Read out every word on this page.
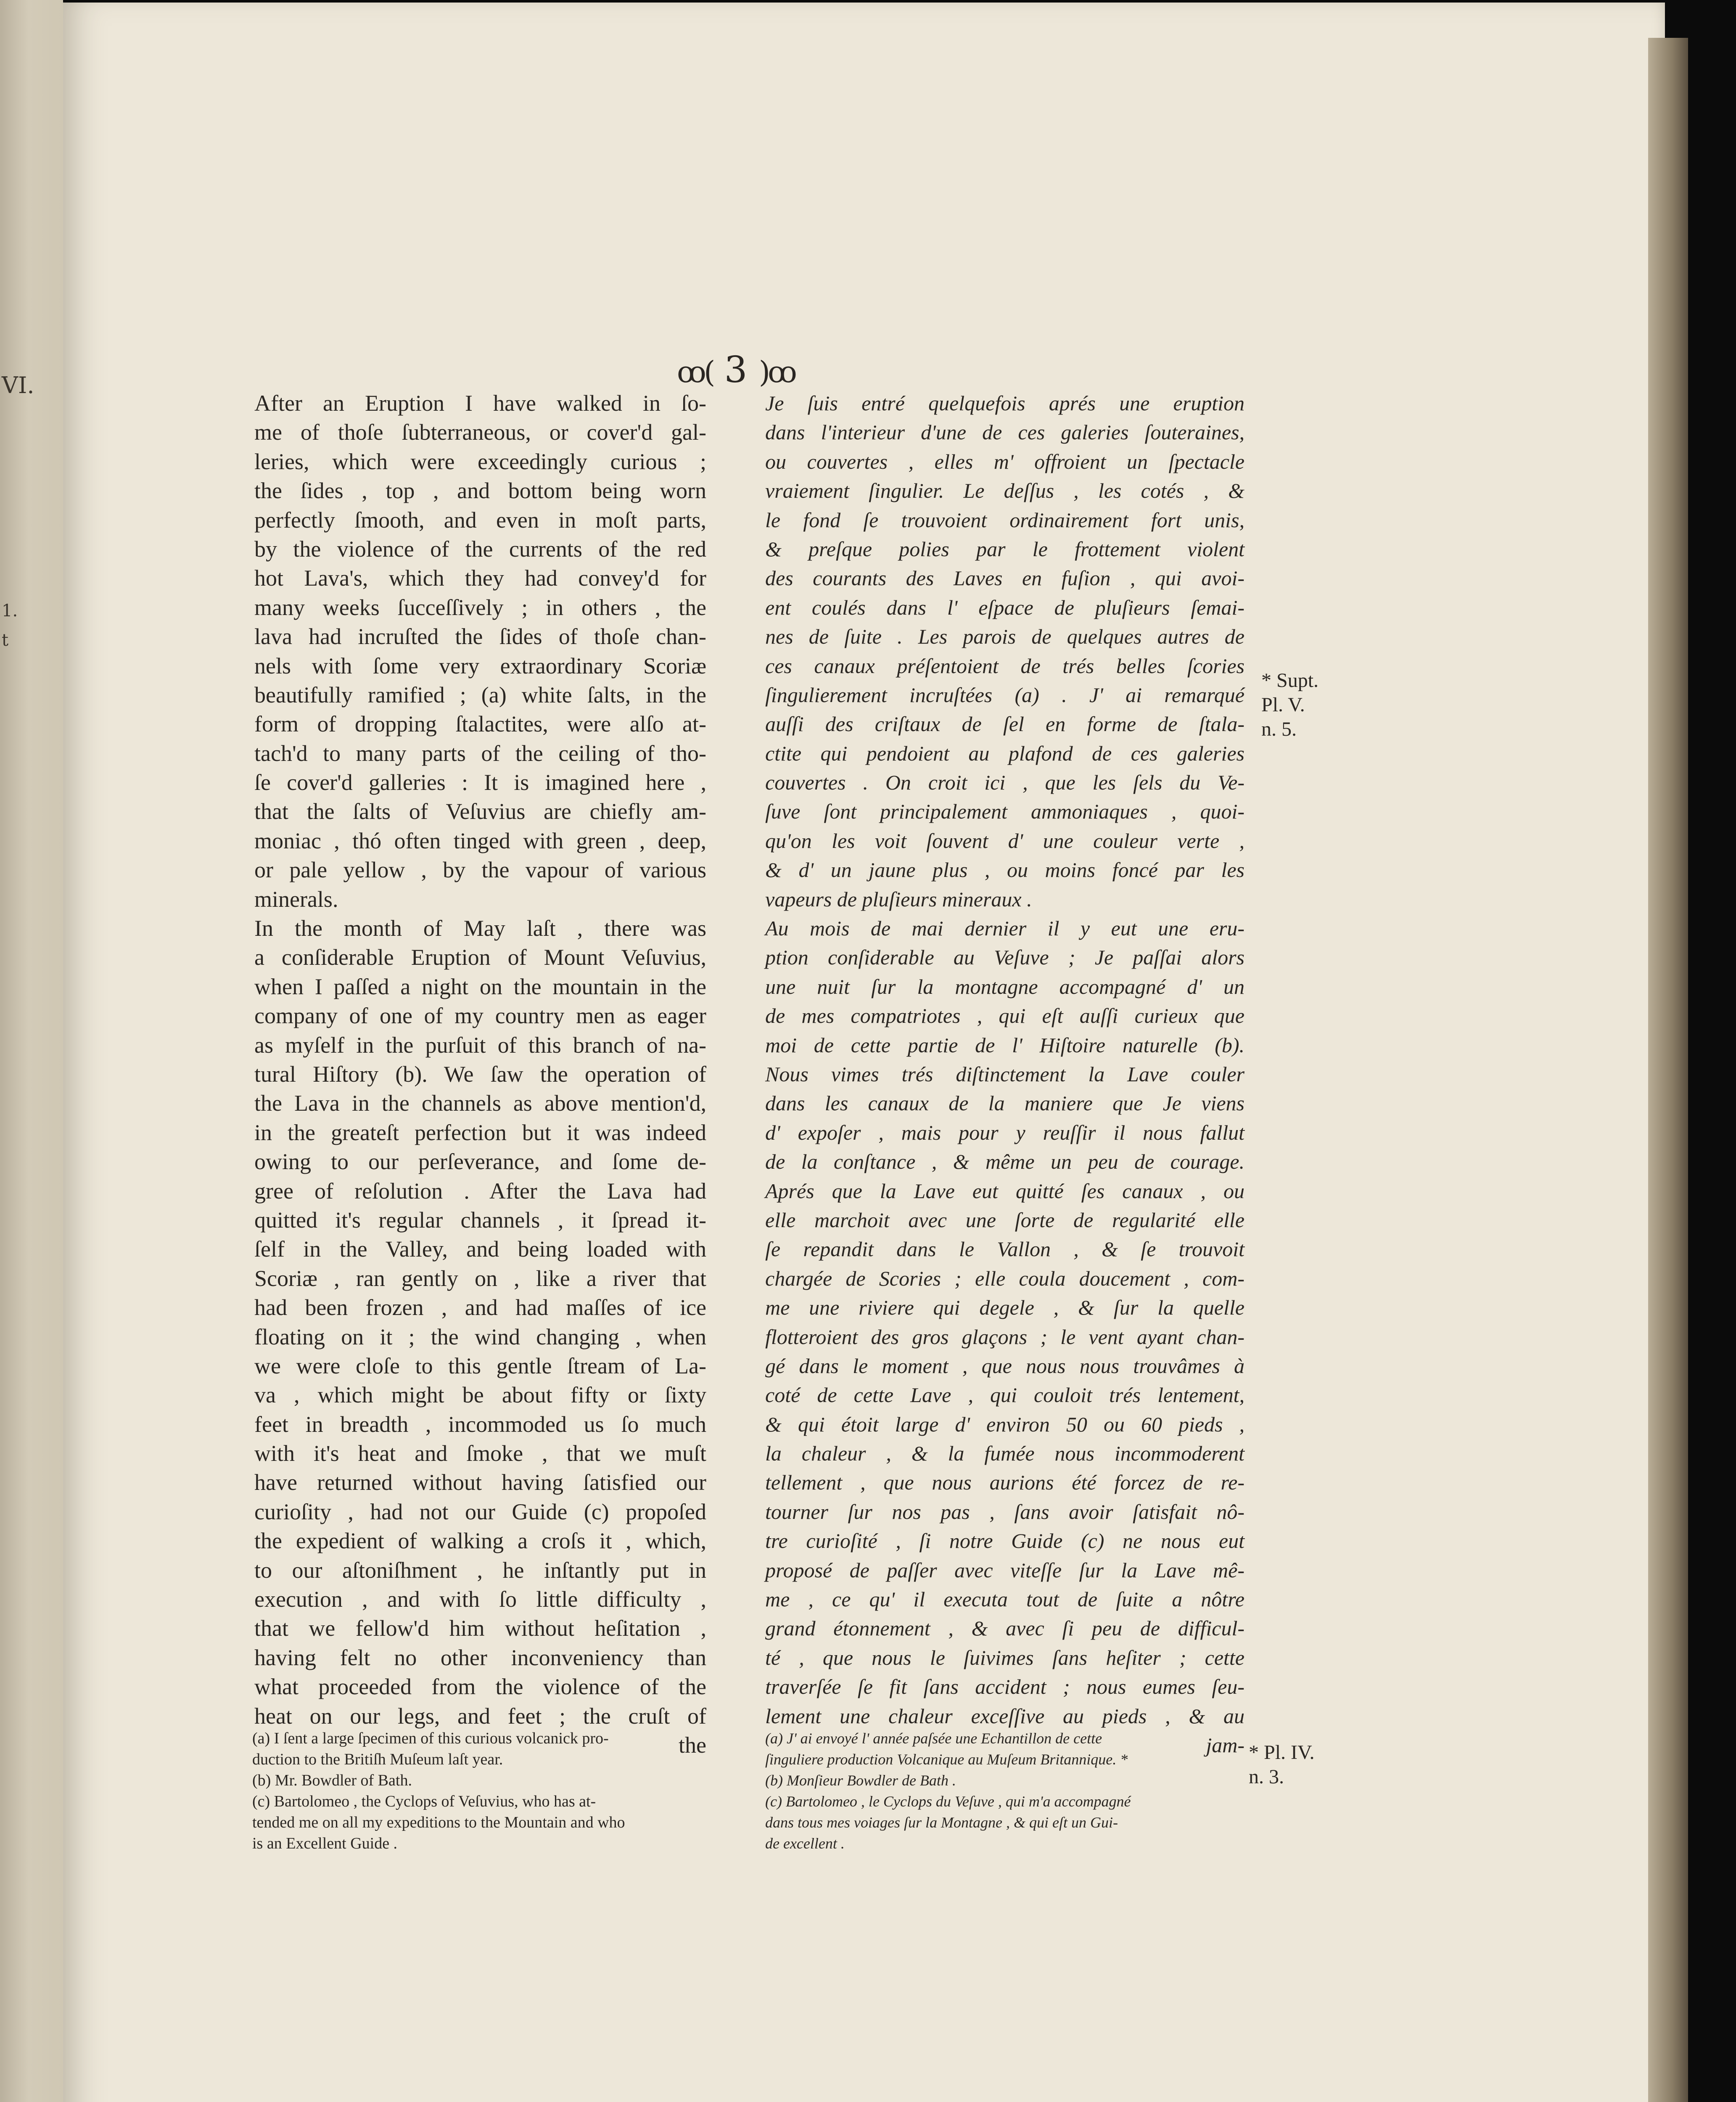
VI.
1.
t
ꝏ( 3 )ꝏ
After an Eruption I have walked in ſo-
me of thoſe ſubterraneous, or cover'd gal-
leries, which were exceedingly curious ;
the ſides , top , and bottom being worn
perfectly ſmooth, and even in moſt parts,
by the violence of the currents of the red
hot Lava's, which they had convey'd for
many weeks ſucceſſively ; in others , the
lava had incruſted the ſides of thoſe chan-
nels with ſome very extraordinary Scoriæ
beautifully ramified ; (a) white ſalts, in the
form of dropping ſtalactites, were alſo at-
tach'd to many parts of the ceiling of tho-
ſe cover'd galleries : It is imagined here ,
that the ſalts of Veſuvius are chiefly am-
moniac , thó often tinged with green , deep,
or pale yellow , by the vapour of various
minerals.
In the month of May laſt , there was
a conſiderable Eruption of Mount Veſuvius,
when I paſſed a night on the mountain in the
company of one of my country men as eager
as myſelf in the purſuit of this branch of na-
tural Hiſtory (b). We ſaw the operation of
the Lava in the channels as above mention'd,
in the greateſt perfection but it was indeed
owing to our perſeverance, and ſome de-
gree of reſolution . After the Lava had
quitted it's regular channels , it ſpread it-
ſelf in the Valley, and being loaded with
Scoriæ , ran gently on , like a river that
had been frozen , and had maſſes of ice
floating on it ; the wind changing , when
we were cloſe to this gentle ſtream of La-
va , which might be about fifty or ſixty
feet in breadth , incommoded us ſo much
with it's heat and ſmoke , that we muſt
have returned without having ſatisfied our
curioſity , had not our Guide (c) propoſed
the expedient of walking a croſs it , which,
to our aſtoniſhment , he inſtantly put in
execution , and with ſo little difficulty ,
that we fellow'd him without heſitation ,
having felt no other inconveniency than
what proceeded from the violence of the
heat on our legs, and feet ; the cruſt of
the
Je ſuis entré quelquefois aprés une eruption
dans l'interieur d'une de ces galeries ſouteraines,
ou couvertes , elles m' offroient un ſpectacle
vraiement ſingulier. Le deſſus , les cotés , &
le fond ſe trouvoient ordinairement fort unis,
& preſque polies par le frottement violent
des courants des Laves en fuſion , qui avoi-
ent coulés dans l' eſpace de pluſieurs ſemai-
nes de ſuite . Les parois de quelques autres de
ces canaux préſentoient de trés belles ſcories
ſingulierement incruſtées (a) . J' ai remarqué
auſſi des criſtaux de ſel en forme de ſtala-
ctite qui pendoient au plafond de ces galeries
couvertes . On croit ici , que les ſels du Ve-
ſuve ſont principalement ammoniaques , quoi-
qu'on les voit ſouvent d' une couleur verte ,
& d' un jaune plus , ou moins foncé par les
vapeurs de pluſieurs mineraux .
Au mois de mai dernier il y eut une eru-
ption conſiderable au Veſuve ; Je paſſai alors
une nuit ſur la montagne accompagné d' un
de mes compatriotes , qui eſt auſſi curieux que
moi de cette partie de l' Hiſtoire naturelle (b).
Nous vimes trés diſtinctement la Lave couler
dans les canaux de la maniere que Je viens
d' expoſer , mais pour y reuſſir il nous fallut
de la conſtance , & même un peu de courage.
Aprés que la Lave eut quitté ſes canaux , ou
elle marchoit avec une ſorte de regularité elle
ſe repandit dans le Vallon , & ſe trouvoit
chargée de Scories ; elle coula doucement , com-
me une riviere qui degele , & ſur la quelle
flotteroient des gros glaçons ; le vent ayant chan-
gé dans le moment , que nous nous trouvâmes à
coté de cette Lave , qui couloit trés lentement,
& qui étoit large d' environ 50 ou 60 pieds ,
la chaleur , & la fumée nous incommoderent
tellement , que nous aurions été forcez de re-
tourner ſur nos pas , ſans avoir ſatisfait nô-
tre curioſité , ſi notre Guide (c) ne nous eut
proposé de paſſer avec viteſſe ſur la Lave mê-
me , ce qu' il executa tout de ſuite a nôtre
grand étonnement , & avec ſi peu de difficul-
té , que nous le ſuivimes ſans heſiter ; cette
traverſée ſe fit ſans accident ; nous eumes ſeu-
lement une chaleur exceſſive au pieds , & au
jam-
(a) I ſent a large ſpecimen of this curious volcanick pro-
duction to the Britiſh Muſeum laſt year.
(b) Mr. Bowdler of Bath.
(c) Bartolomeo , the Cyclops of Veſuvius, who has at-
tended me on all my expeditions to the Mountain and who
is an Excellent Guide .
(a) J' ai envoyé l' année paſsée une Echantillon de cette
ſinguliere production Volcanique au Muſeum Britannique. *
(b) Monſieur Bowdler de Bath .
(c) Bartolomeo , le Cyclops du Veſuve , qui m'a accompagné
dans tous mes voiages ſur la Montagne , & qui eſt un Gui-
de excellent .
* Supt.
Pl. V.
n. 5.
* Pl. IV.
n. 3.
